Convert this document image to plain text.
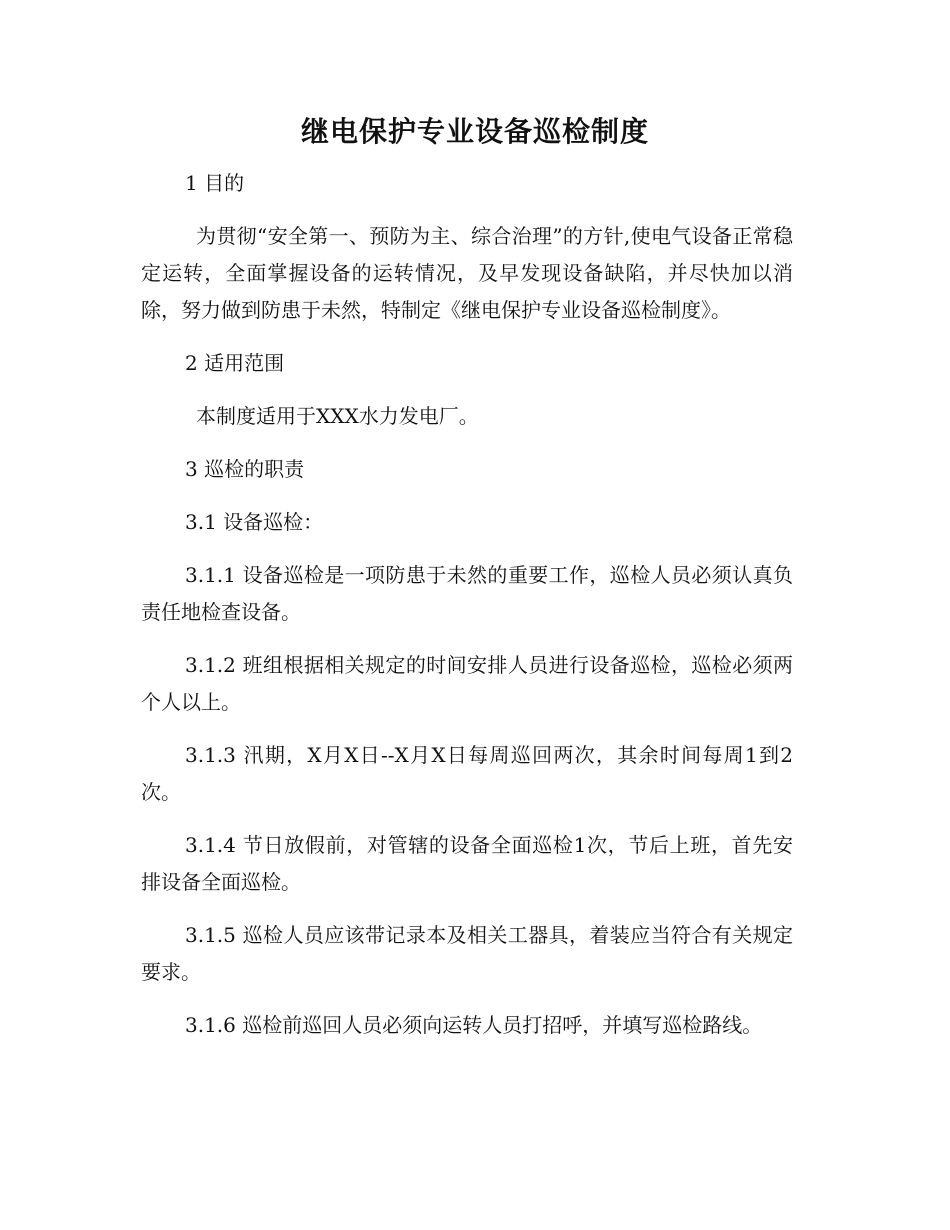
继电保护专业设备巡检制度

1 目的

为贯彻“安全第一、预防为主、综合治理”的方针,使电气设备正常稳定运转，全面掌握设备的运转情况，及早发现设备缺陷，并尽快加以消除，努力做到防患于未然，特制定《继电保护专业设备巡检制度》。

2 适用范围

本制度适用于XXX水力发电厂。

3 巡检的职责

3.1 设备巡检：

3.1.1 设备巡检是一项防患于未然的重要工作，巡检人员必须认真负责任地检查设备。

3.1.2 班组根据相关规定的时间安排人员进行设备巡检，巡检必须两个人以上。

3.1.3 汛期，X月X日--X月X日每周巡回两次，其余时间每周1到2次。

3.1.4 节日放假前，对管辖的设备全面巡检1次，节后上班，首先安排设备全面巡检。

3.1.5 巡检人员应该带记录本及相关工器具，着装应当符合有关规定要求。

3.1.6 巡检前巡回人员必须向运转人员打招呼，并填写巡检路线。
